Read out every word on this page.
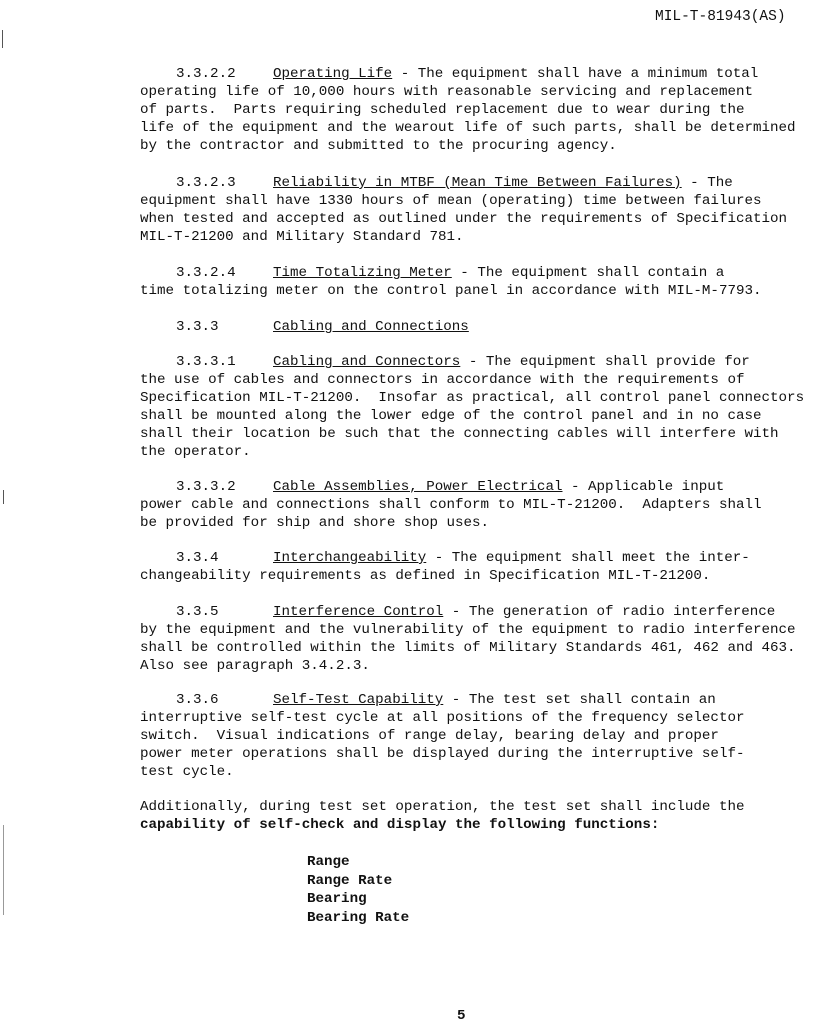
MIL-T-81943(AS)
3.3.2.2	Operating Life - The equipment shall have a minimum total
operating life of 10,000 hours with reasonable servicing and replacement
of parts.  Parts requiring scheduled replacement due to wear during the
life of the equipment and the wearout life of such parts, shall be determined
by the contractor and submitted to the procuring agency.
3.3.2.3	Reliability in MTBF (Mean Time Between Failures) - The
equipment shall have 1330 hours of mean (operating) time between failures
when tested and accepted as outlined under the requirements of Specification
MIL-T-21200 and Military Standard 781.
3.3.2.4	Time Totalizing Meter - The equipment shall contain a
time totalizing meter on the control panel in accordance with MIL-M-7793.
3.3.3	Cabling and Connections
3.3.3.1	Cabling and Connectors - The equipment shall provide for
the use of cables and connectors in accordance with the requirements of
Specification MIL-T-21200.  Insofar as practical, all control panel connectors
shall be mounted along the lower edge of the control panel and in no case
shall their location be such that the connecting cables will interfere with
the operator.
3.3.3.2	Cable Assemblies, Power Electrical - Applicable input
power cable and connections shall conform to MIL-T-21200.  Adapters shall
be provided for ship and shore shop uses.
3.3.4	Interchangeability - The equipment shall meet the inter-
changeability requirements as defined in Specification MIL-T-21200.
3.3.5	Interference Control - The generation of radio interference
by the equipment and the vulnerability of the equipment to radio interference
shall be controlled within the limits of Military Standards 461, 462 and 463.
Also see paragraph 3.4.2.3.
3.3.6	Self-Test Capability - The test set shall contain an
interruptive self-test cycle at all positions of the frequency selector
switch.  Visual indications of range delay, bearing delay and proper
power meter operations shall be displayed during the interruptive self-
test cycle.
Additionally, during test set operation, the test set shall include the
capability of self-check and display the following functions:
Range
Range Rate
Bearing
Bearing Rate
5
